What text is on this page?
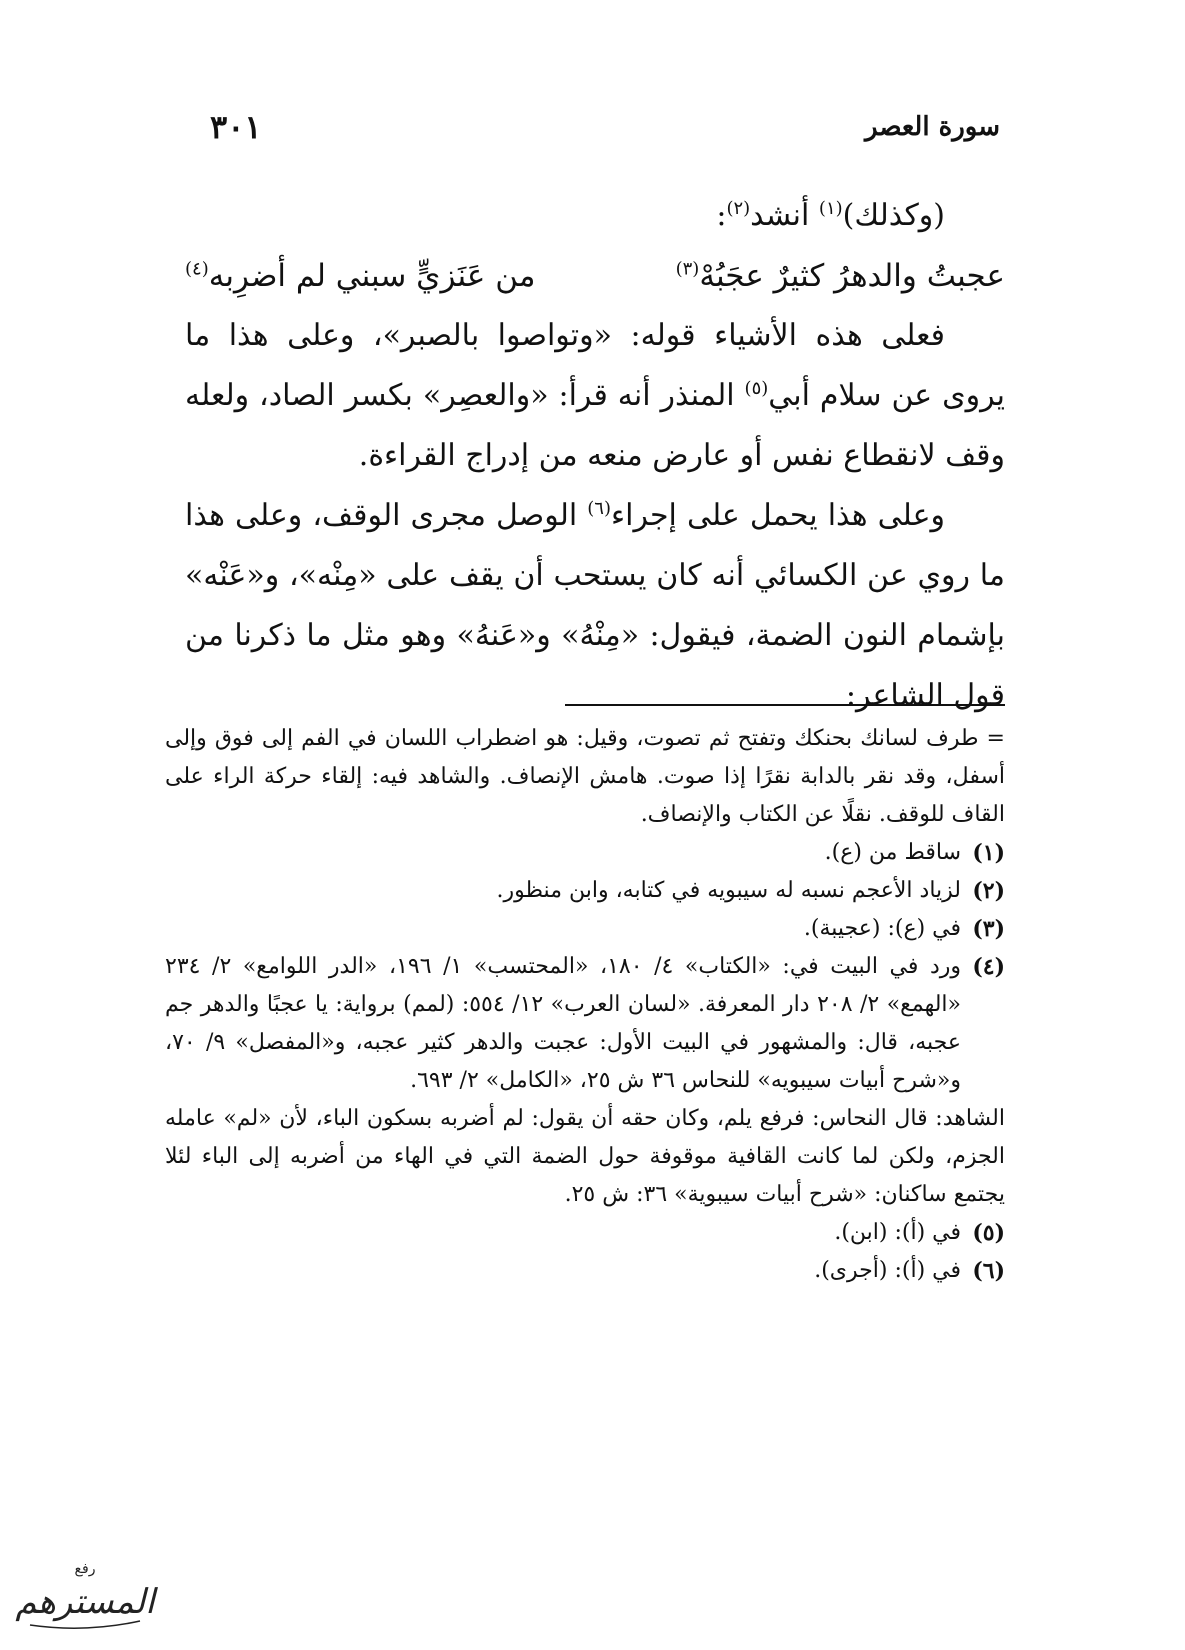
سورة العصر
٣٠١

(وكذلك)$^{(١)}$ أنشد$^{(٢)}$:

عجبتُ والدهرُ كثيرٌ عجَبُهْ$^{(٣)}$
من عَنَزيٍّ سبني لم أضرِبه$^{(٤)}$

فعلى هذه الأشياء قوله: «وتواصوا بالصبر»، وعلى هذا ما يروى عن سلام أبي$^{(٥)}$ المنذر أنه قرأ: «والعصِر» بكسر الصاد، ولعله وقف لانقطاع نفس أو عارض منعه من إدراج القراءة.

وعلى هذا يحمل على إجراء$^{(٦)}$ الوصل مجرى الوقف، وعلى هذا ما روي عن الكسائي أنه كان يستحب أن يقف على «مِنْه»، و«عَنْه» بإشمام النون الضمة، فيقول: «مِنْهُ» و«عَنهُ» وهو مثل ما ذكرنا من قول الشاعر:

= طرف لسانك بحنكك وتفتح ثم تصوت، وقيل: هو اضطراب اللسان في الفم إلى فوق وإلى أسفل، وقد نقر بالدابة نقرًا إذا صوت. هامش الإنصاف. والشاهد فيه: إلقاء حركة الراء على القاف للوقف. نقلًا عن الكتاب والإنصاف.

(١)
ساقط من (ع).
(٢)
لزياد الأعجم نسبه له سيبويه في كتابه، وابن منظور.
(٣)
في (ع): (عجيبة).
(٤)
ورد في البيت في: «الكتاب» ٤/ ١٨٠، «المحتسب» ١/ ١٩٦، «الدر اللوامع» ٢/ ٢٣٤ «الهمع» ٢/ ٢٠٨ دار المعرفة. «لسان العرب» ١٢/ ٥٥٤: (لمم) برواية: يا عجبًا والدهر جم عجبه، قال: والمشهور في البيت الأول: عجبت والدهر كثير عجبه، و«المفصل» ٩/ ٧٠، و«شرح أبيات سيبويه» للنحاس ٣٦ ش ٢٥، «الكامل» ٢/ ٦٩٣.

الشاهد: قال النحاس: فرفع يلم، وكان حقه أن يقول: لم أضربه بسكون الباء، لأن «لم» عامله الجزم، ولكن لما كانت القافية موقوفة حول الضمة التي في الهاء من أضربه إلى الباء لئلا يجتمع ساكنان: «شرح أبيات سيبوية» ٣٦: ش ٢٥.

(٥)
في (أ): (ابن).
(٦)
في (أ): (أجرى).
رفع
المسترهم
